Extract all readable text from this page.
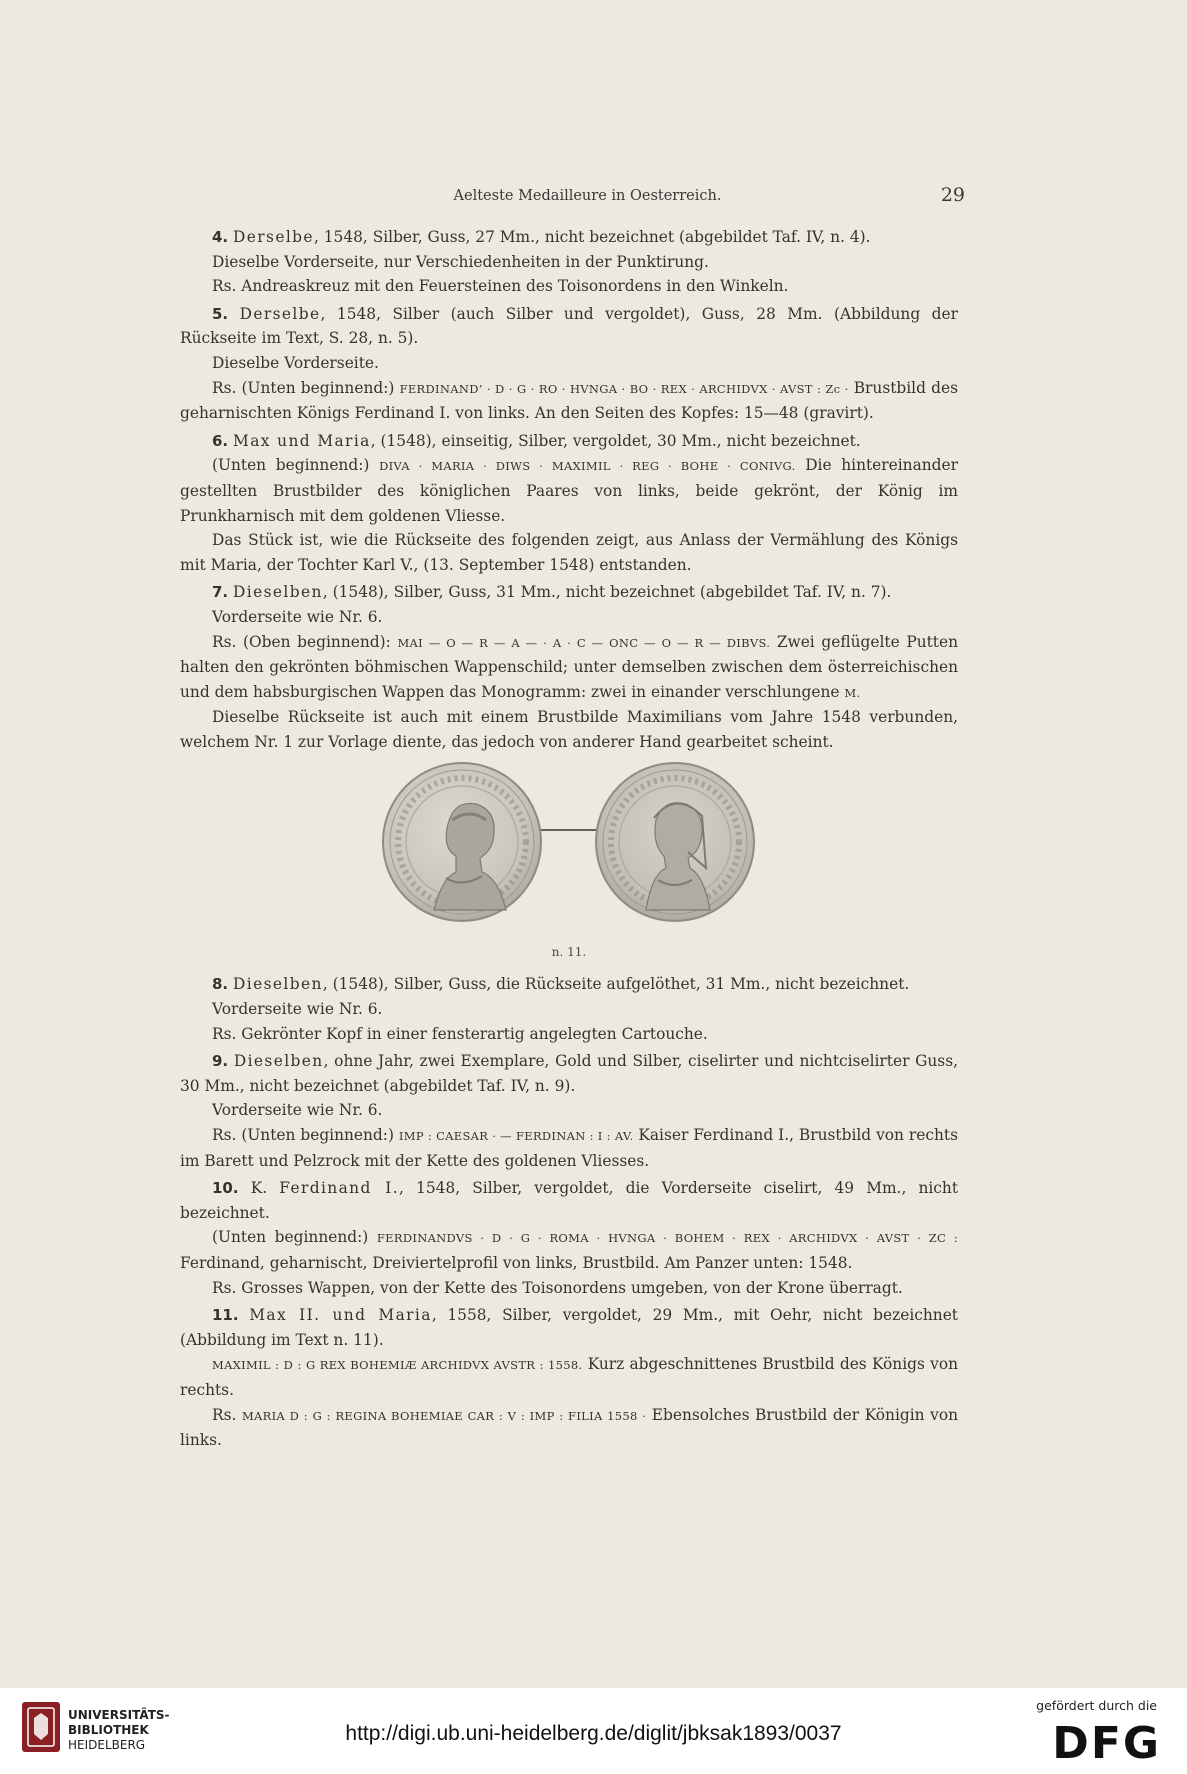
Aelteste Medailleure in Oesterreich.	29

4. Derselbe, 1548, Silber, Guss, 27 Mm., nicht bezeichnet (abgebildet Taf. IV, n. 4).

Dieselbe Vorderseite, nur Verschiedenheiten in der Punktirung.

Rs. Andreaskreuz mit den Feuersteinen des Toisonordens in den Winkeln.

5. Derselbe, 1548, Silber (auch Silber und vergoldet), Guss, 28 Mm. (Abbildung der Rückseite im Text, S. 28, n. 5).

Dieselbe Vorderseite.

Rs. (Unten beginnend:) FERDINAND’ · D · G · RO · HVNGA · BO · REX · ARCHIDVX · AVST : Zc · Brustbild des geharnischten Königs Ferdinand I. von links. An den Seiten des Kopfes: 15—48 (gravirt).

6. Max und Maria, (1548), einseitig, Silber, vergoldet, 30 Mm., nicht bezeichnet.

(Unten beginnend:) DIVA · MARIA · DIWS · MAXIMIL · REG · BOHE · CONIVG. Die hintereinander gestellten Brustbilder des königlichen Paares von links, beide gekrönt, der König im Prunkharnisch mit dem goldenen Vliesse.

Das Stück ist, wie die Rückseite des folgenden zeigt, aus Anlass der Vermählung des Königs mit Maria, der Tochter Karl V., (13. September 1548) entstanden.

7. Dieselben, (1548), Silber, Guss, 31 Mm., nicht bezeichnet (abgebildet Taf. IV, n. 7).

Vorderseite wie Nr. 6.

Rs. (Oben beginnend): MAI — O — R — A — · A · C — ONC — O — R — DIBVS. Zwei geflügelte Putten halten den gekrönten böhmischen Wappenschild; unter demselben zwischen dem österreichischen und dem habsburgischen Wappen das Monogramm: zwei in einander verschlungene M.

Dieselbe Rückseite ist auch mit einem Brustbilde Maximilians vom Jahre 1548 verbunden, welchem Nr. 1 zur Vorlage diente, das jedoch von anderer Hand gearbeitet scheint.

n. 11.

8. Dieselben, (1548), Silber, Guss, die Rückseite aufgelöthet, 31 Mm., nicht bezeichnet.

Vorderseite wie Nr. 6.

Rs. Gekrönter Kopf in einer fensterartig angelegten Cartouche.

9. Dieselben, ohne Jahr, zwei Exemplare, Gold und Silber, ciselirter und nichtciselirter Guss, 30 Mm., nicht bezeichnet (abgebildet Taf. IV, n. 9).

Vorderseite wie Nr. 6.

Rs. (Unten beginnend:) IMP : CAESAR · — FERDINAN : I : AV. Kaiser Ferdinand I., Brustbild von rechts im Barett und Pelzrock mit der Kette des goldenen Vliesses.

10. K. Ferdinand I., 1548, Silber, vergoldet, die Vorderseite ciselirt, 49 Mm., nicht bezeichnet.

(Unten beginnend:) FERDINANDVS · D · G · ROMA · HVNGA · BOHEM · REX · ARCHIDVX · AVST · ZC : Ferdinand, geharnischt, Dreiviertelprofil von links, Brustbild. Am Panzer unten: 1548.

Rs. Grosses Wappen, von der Kette des Toisonordens umgeben, von der Krone überragt.

11. Max II. und Maria, 1558, Silber, vergoldet, 29 Mm., mit Oehr, nicht bezeichnet (Abbildung im Text n. 11).

MAXIMIL : D : G REX BOHEMIÆ ARCHIDVX AVSTR : 1558. Kurz abgeschnittenes Brustbild des Königs von rechts.

Rs. MARIA D : G : REGINA BOHEMIAE CAR : V : IMP : FILIA 1558 · Ebensolches Brustbild der Königin von links.

UNIVERSITÄTS-
BIBLIOTHEK
HEIDELBERG	http://digi.ub.uni-heidelberg.de/diglit/jbksak1893/0037
gefördert durch die
DFG
